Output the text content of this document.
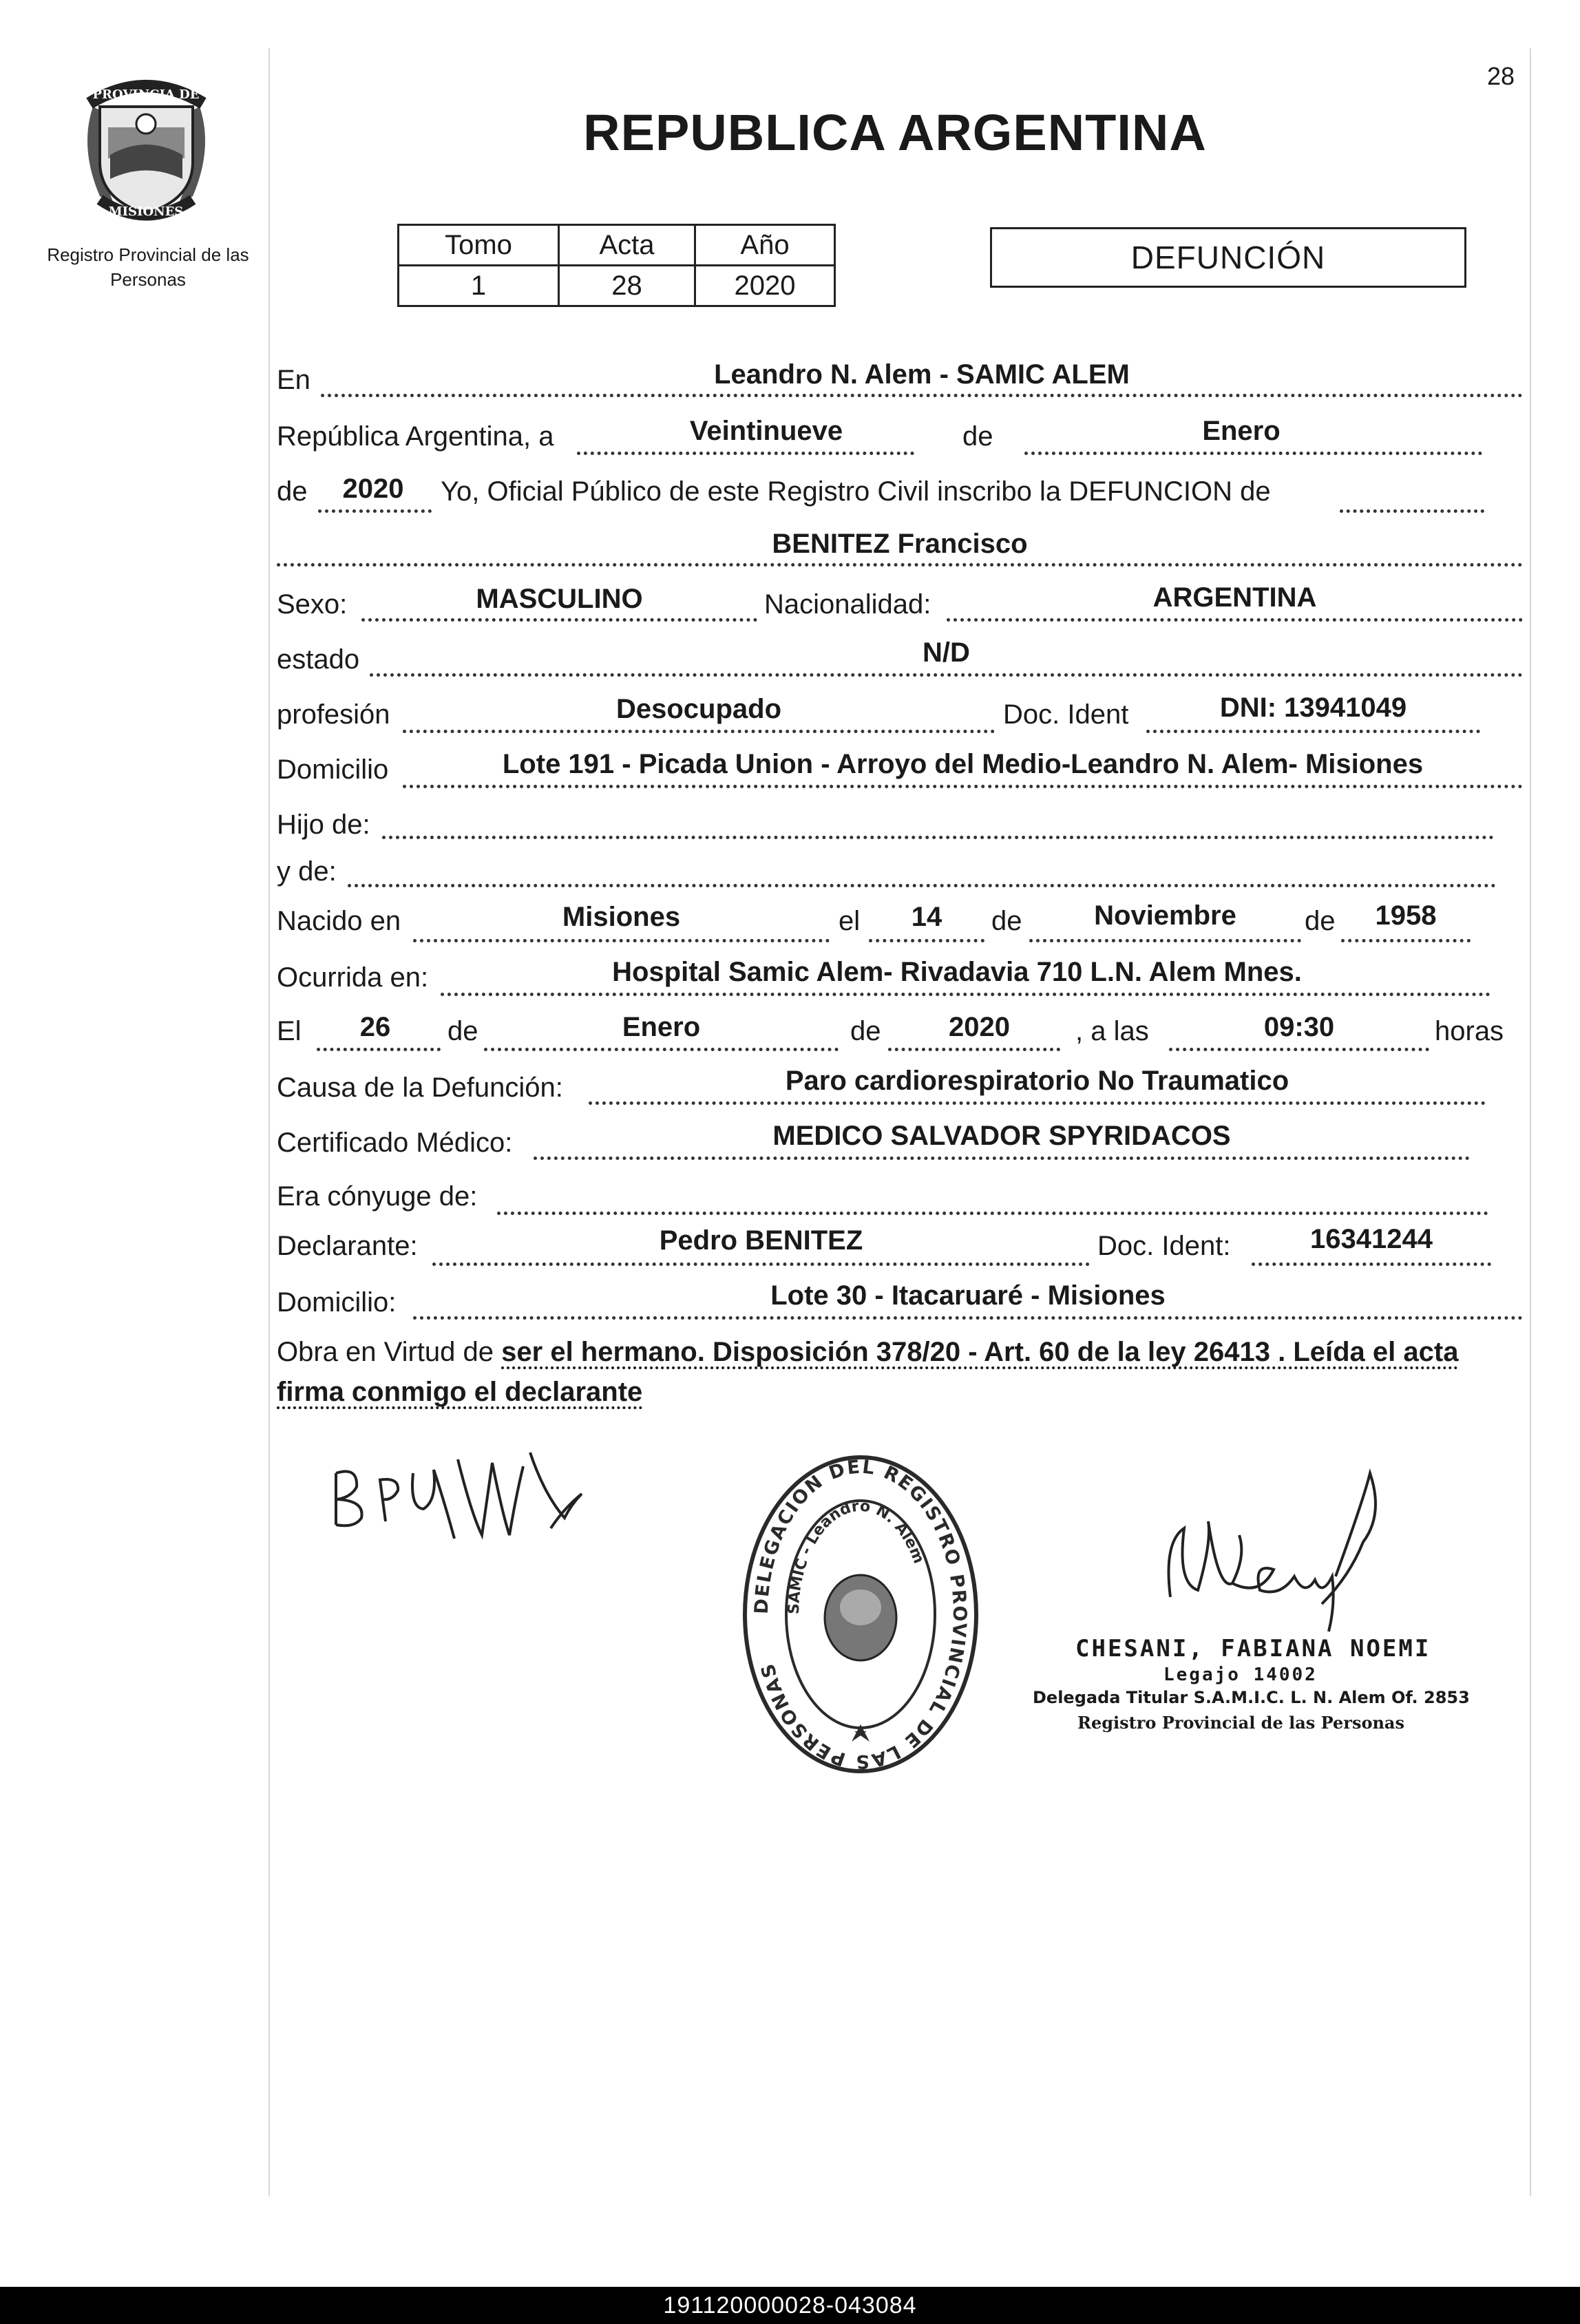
28
PROVINCIA DE
MISIONES
Registro Provincial de las Personas
REPUBLICA ARGENTINA
Tomo	Acta	Año
1	28	2020
DEFUNCIÓN
En	Leandro N. Alem - SAMIC ALEM
República Argentina, a	Veintinueve	de	Enero
de	2020	Yo, Oficial Público de este Registro Civil inscribo la DEFUNCION de
BENITEZ Francisco
Sexo:	MASCULINO	Nacionalidad:	ARGENTINA
estado	N/D
profesión	Desocupado	Doc. Ident	DNI: 13941049
Domicilio	Lote 191 - Picada Union - Arroyo del Medio-Leandro N. Alem- Misiones
Hijo de:
y de:
Nacido en	Misiones	el	14	de	Noviembre	de	1958
Ocurrida en:	Hospital Samic Alem- Rivadavia 710 L.N. Alem Mnes.
El	26	de	Enero	de	2020	, a las	09:30	horas
Causa de la Defunción:	Paro cardiorespiratorio No Traumatico
Certificado Médico:	MEDICO SALVADOR SPYRIDACOS
Era cónyuge de:
Declarante:	Pedro BENITEZ	Doc. Ident:	16341244
Domicilio:	Lote 30 - Itacaruaré - Misiones
Obra en Virtud de ser el hermano. Disposición 378/20 - Art. 60 de la ley 26413 . Leída el acta firma conmigo el declarante
DELEGACION DEL REGISTRO PROVINCIAL DE LAS PERSONAS
SAMIC - Leandro N. Alem
CHESANI, FABIANA NOEMI
Legajo 14002
Delegada Titular S.A.M.I.C. L. N. Alem Of. 2853
Registro Provincial de las Personas
191120000028-043084
